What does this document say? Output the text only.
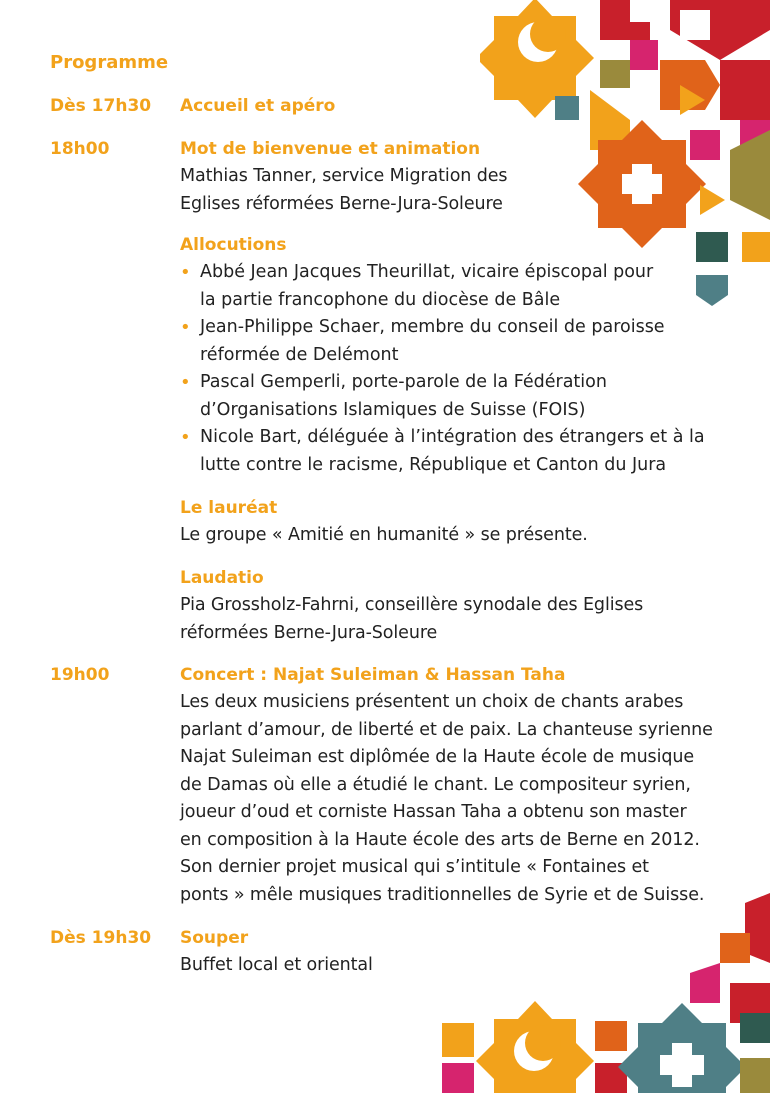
Programme
Dès 17h30 Accueil et apéro
18h00	Mot de bienvenue et animation
Mathias Tanner, service Migration des
Eglises réformées Berne-Jura-Soleure
Allocutions
• Abbé Jean Jacques Theurillat, vicaire épiscopal pour
la partie francophone du diocèse de Bâle
• Jean-Philippe Schaer, membre du conseil de paroisse
réformée de Delémont
• Pascal Gemperli, porte-parole de la Fédération
d’Organisations Islamiques de Suisse (FOIS)
• Nicole Bart, déléguée à l’intégration des étrangers et à la
lutte contre le racisme, République et Canton du Jura
Le lauréat
Le groupe « Amitié en humanité » se présente.
Laudatio
Pia Grossholz-Fahrni, conseillère synodale des Eglises
réformées Berne-Jura-Soleure
19h00	Concert : Najat Suleiman & Hassan Taha
Les deux musiciens présentent un choix de chants arabes
parlant d’amour, de liberté et de paix. La chanteuse syrienne
Najat Suleiman est diplômée de la Haute école de musique
de Damas où elle a étudié le chant. Le compositeur syrien,
joueur d’oud et corniste Hassan Taha a obtenu son master
en composition à la Haute école des arts de Berne en 2012.
Son dernier projet musical qui s’intitule « Fontaines et
ponts » mêle musiques traditionnelles de Syrie et de Suisse.
Dès 19h30 Souper
Buffet local et oriental
